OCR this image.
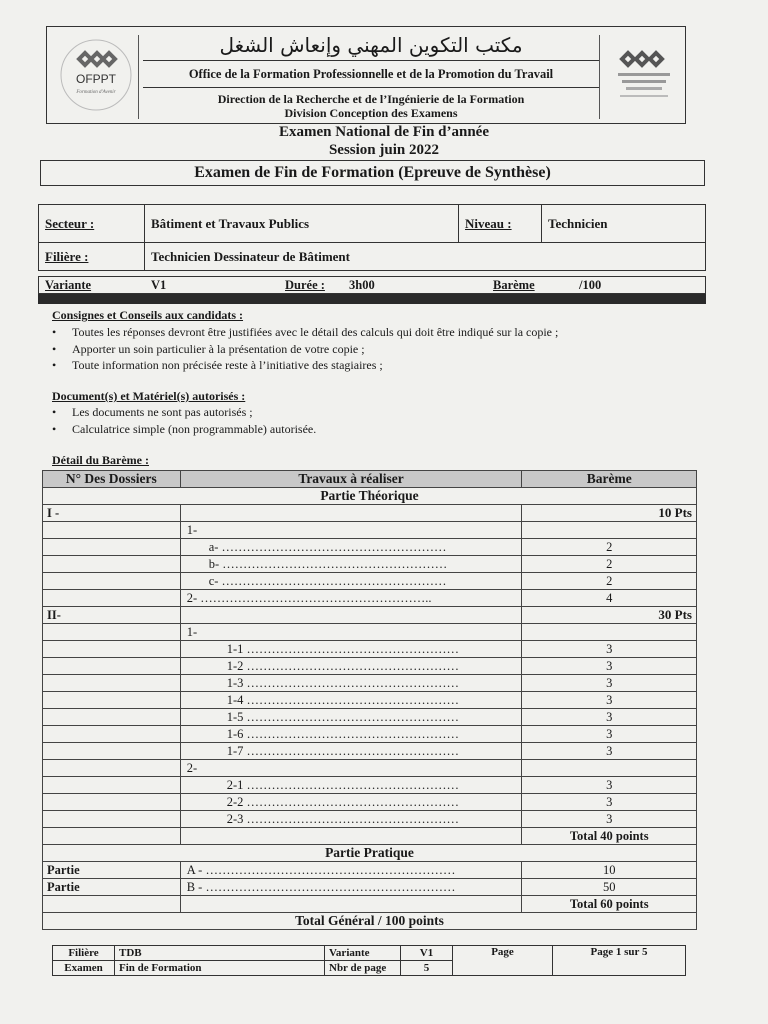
OFPPT
Formation d'Avenir
مكتب التكوين المهني وإنعاش الشغل
Office de la Formation Professionnelle et de la Promotion du Travail
Direction de la Recherche et de l’Ingénierie de la Formation
Division Conception des Examens
Examen National de Fin d’année
Session juin 2022
Examen de Fin de Formation (Epreuve de Synthèse)
Secteur :	Bâtiment et Travaux Publics	Niveau :	Technicien
Filière :	Technicien Dessinateur de Bâtiment		
Variante	V1	Durée : 3h00	Barème	/100
Consignes et Conseils aux candidats :
• Toutes les réponses devront être justifiées avec le détail des calculs qui doit être indiqué sur la copie ;
• Apporter un soin particulier à la présentation de votre copie ;
• Toute information non précisée reste à l’initiative des stagiaires ;
Document(s) et Matériel(s) autorisés :
• Les documents ne sont pas autorisés ;
• Calculatrice simple (non programmable) autorisée.
Détail du Barème :
N° Des Dossiers	Travaux à réaliser	Barème
Partie Théorique		
I -		10 Pts
	1-	
	a- ………………………………………………	2
	b- ………………………………………………	2
	c- ………………………………………………	2
	2- ………………………………………………..	4
II-		30 Pts
	1-	
	1-1 ……………………………………………	3
	1-2 ……………………………………………	3
	1-3 ……………………………………………	3
	1-4 ……………………………………………	3
	1-5 ……………………………………………	3
	1-6 ……………………………………………	3
	1-7 ……………………………………………	3
	2-	
	2-1 ……………………………………………	3
	2-2 ……………………………………………	3
	2-3 ……………………………………………	3
		Total 40 points
Partie Pratique		
Partie	A - ……………………………………………………	10
Partie	B - ……………………………………………………	50
		Total 60 points
Total Général / 100 points		
Filière	TDB	Variante	V1	Page	Page 1 sur 5
Examen	Fin de Formation	Nbr de page	5		
